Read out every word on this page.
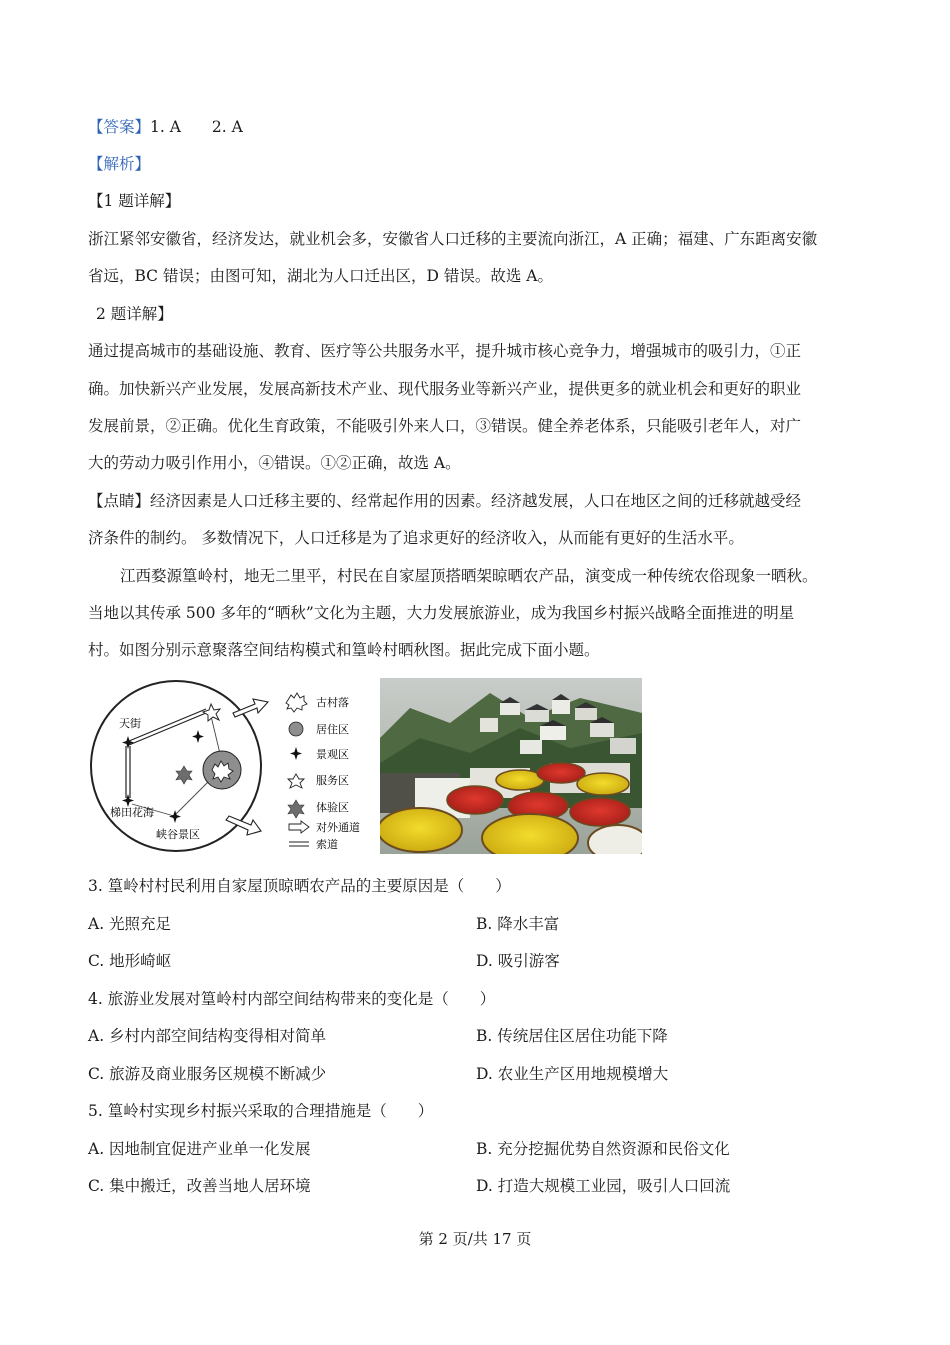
【答案】1. A　　2. A
【解析】
【1 题详解】
浙江紧邻安徽省，经济发达，就业机会多，安徽省人口迁移的主要流向浙江，A 正确；福建、广东距离安徽
省远，BC 错误；由图可知，湖北为人口迁出区，D 错误。故选 A。
2 题详解】
通过提高城市的基础设施、教育、医疗等公共服务水平，提升城市核心竞争力，增强城市的吸引力，①正
确。加快新兴产业发展，发展高新技术产业、现代服务业等新兴产业，提供更多的就业机会和更好的职业
发展前景，②正确。优化生育政策，不能吸引外来人口，③错误。健全养老体系，只能吸引老年人，对广
大的劳动力吸引作用小，④错误。①②正确，故选 A。
【点睛】经济因素是人口迁移主要的、经常起作用的因素。经济越发展，人口在地区之间的迁移就越受经
济条件的制约。 多数情况下，人口迁移是为了追求更好的经济收入，从而能有更好的生活水平。
江西婺源篁岭村，地无二里平，村民在自家屋顶搭晒架晾晒农产品，演变成一种传统农俗现象一晒秋。
当地以其传承 500 多年的“晒秋”文化为主题，大力发展旅游业，成为我国乡村振兴战略全面推进的明星
村。如图分别示意聚落空间结构模式和篁岭村晒秋图。据此完成下面小题。
天街
梯田花海
峡谷景区
古村落
居住区
景观区
服务区
体验区
对外通道
索道
3. 篁岭村村民利用自家屋顶晾晒农产品的主要原因是（　　）
A. 光照充足	B. 降水丰富
C. 地形崎岖	D. 吸引游客
4. 旅游业发展对篁岭村内部空间结构带来的变化是（　　）
A. 乡村内部空间结构变得相对简单	B. 传统居住区居住功能下降
C. 旅游及商业服务区规模不断减少	D. 农业生产区用地规模增大
5. 篁岭村实现乡村振兴采取的合理措施是（　　）
A. 因地制宜促进产业单一化发展	B. 充分挖掘优势自然资源和民俗文化
C. 集中搬迁，改善当地人居环境	D. 打造大规模工业园，吸引人口回流
第 2 页/共 17 页
